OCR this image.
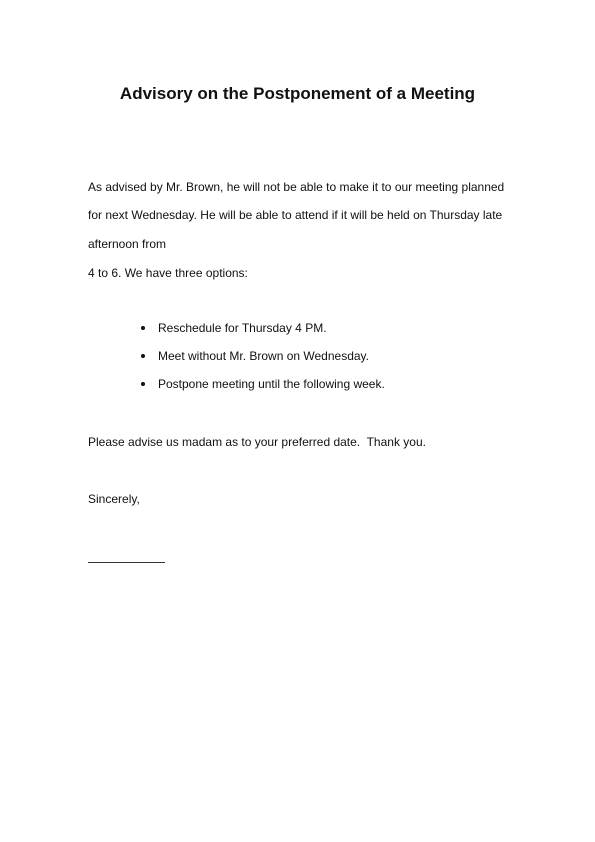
Advisory on the Postponement of a Meeting

As advised by Mr. Brown, he will not be able to make it to our meeting planned

for next Wednesday. He will be able to attend if it will be held on Thursday late

afternoon from

4 to 6. We have three options:

Reschedule for Thursday 4 PM.
Meet without Mr. Brown on Wednesday.
Postpone meeting until the following week.

Please advise us madam as to your preferred date.  Thank you.

Sincerely,
